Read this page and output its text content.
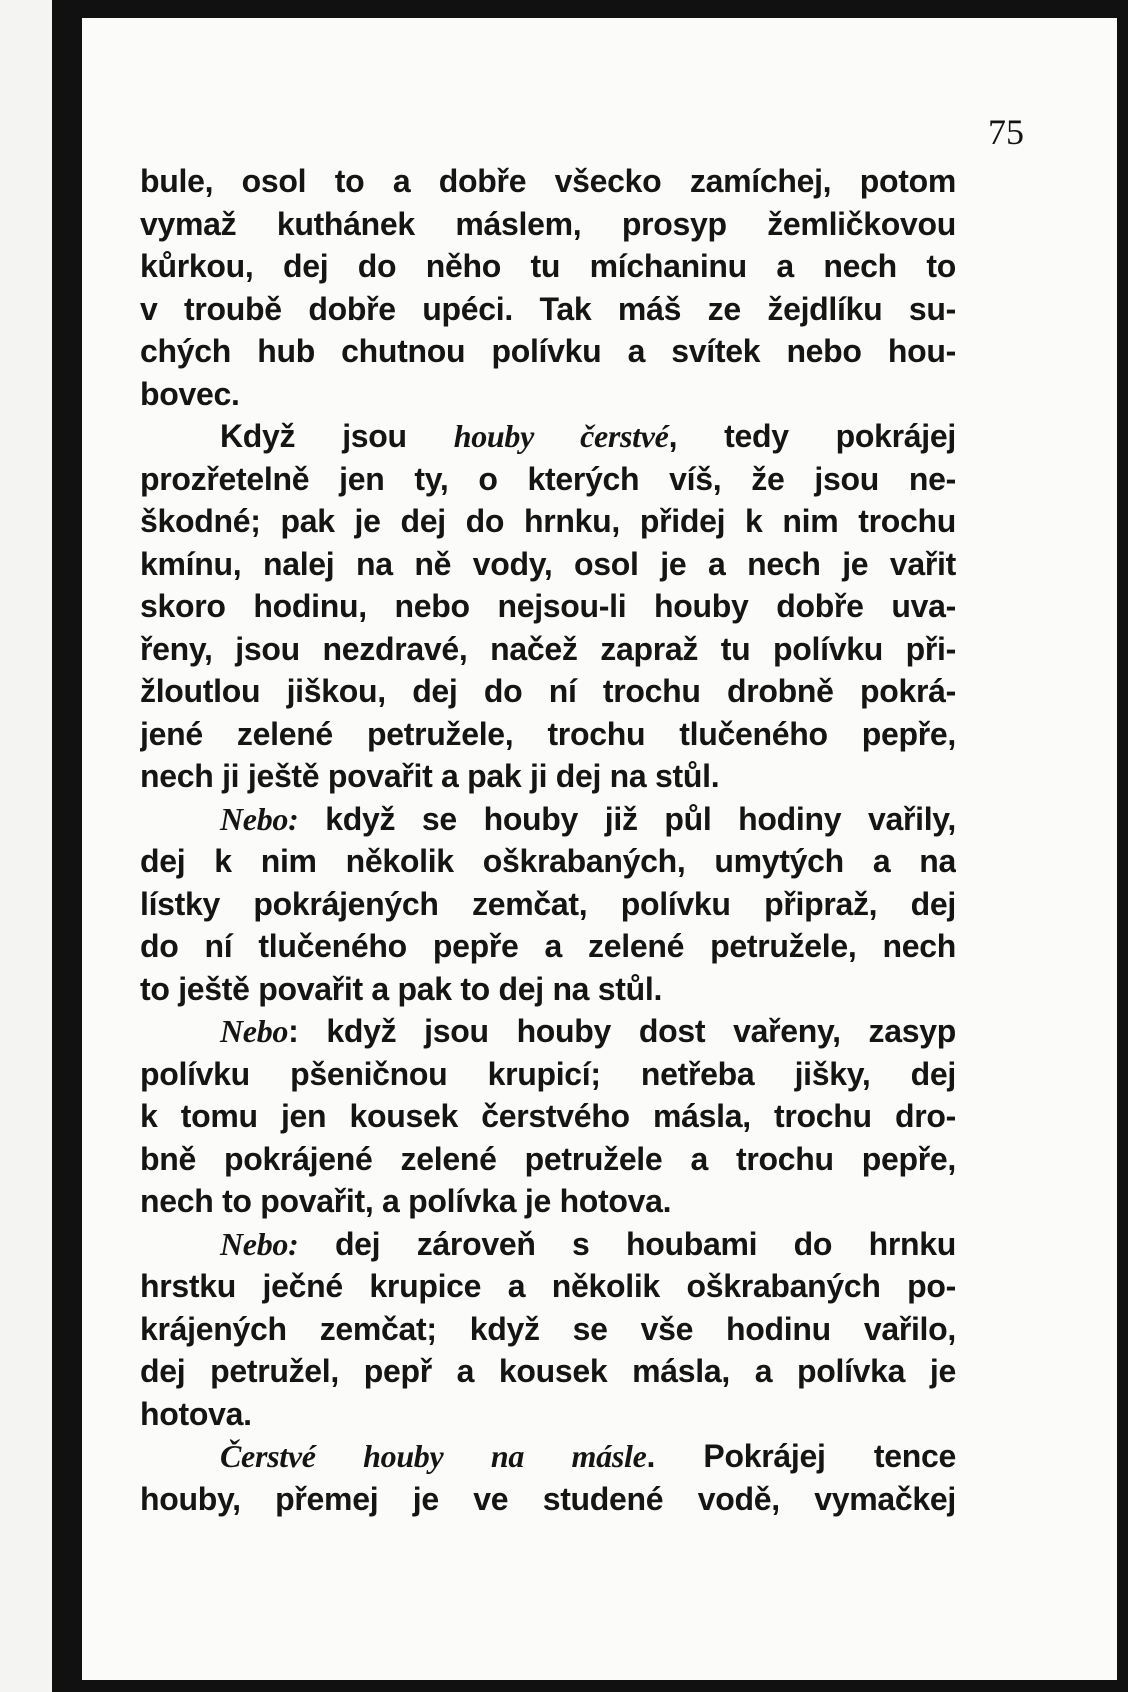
75
bule, osol to a dobře všecko zamíchej, potom
vymaž kuthánek máslem, prosyp žemličkovou
kůrkou, dej do něho tu míchaninu a nech to
v troubě dobře upéci. Tak máš ze žejdlíku su-
chých hub chutnou polívku a svítek nebo hou-
bovec.
Když jsou houby čerstvé, tedy pokrájej
prozřetelně jen ty, o kterých víš, že jsou ne-
škodné; pak je dej do hrnku, přidej k nim trochu
kmínu, nalej na ně vody, osol je a nech je vařit
skoro hodinu, nebo nejsou-li houby dobře uva-
řeny, jsou nezdravé, načež zapraž tu polívku při-
žloutlou jiškou, dej do ní trochu drobně pokrá-
jené zelené petružele, trochu tlučeného pepře,
nech ji ještě povařit a pak ji dej na stůl.
Nebo: když se houby již půl hodiny vařily,
dej k nim několik oškrabaných, umytých a na
lístky pokrájených zemčat, polívku připraž, dej
do ní tlučeného pepře a zelené petružele, nech
to ještě povařit a pak to dej na stůl.
Nebo: když jsou houby dost vařeny, zasyp
polívku pšeničnou krupicí; netřeba jišky, dej
k tomu jen kousek čerstvého másla, trochu dro-
bně pokrájené zelené petružele a trochu pepře,
nech to povařit, a polívka je hotova.
Nebo: dej zároveň s houbami do hrnku
hrstku ječné krupice a několik oškrabaných po-
krájených zemčat; když se vše hodinu vařilo,
dej petružel, pepř a kousek másla, a polívka je
hotova.
Čerstvé houby na másle. Pokrájej tence
houby, přemej je ve studené vodě, vymačkej
